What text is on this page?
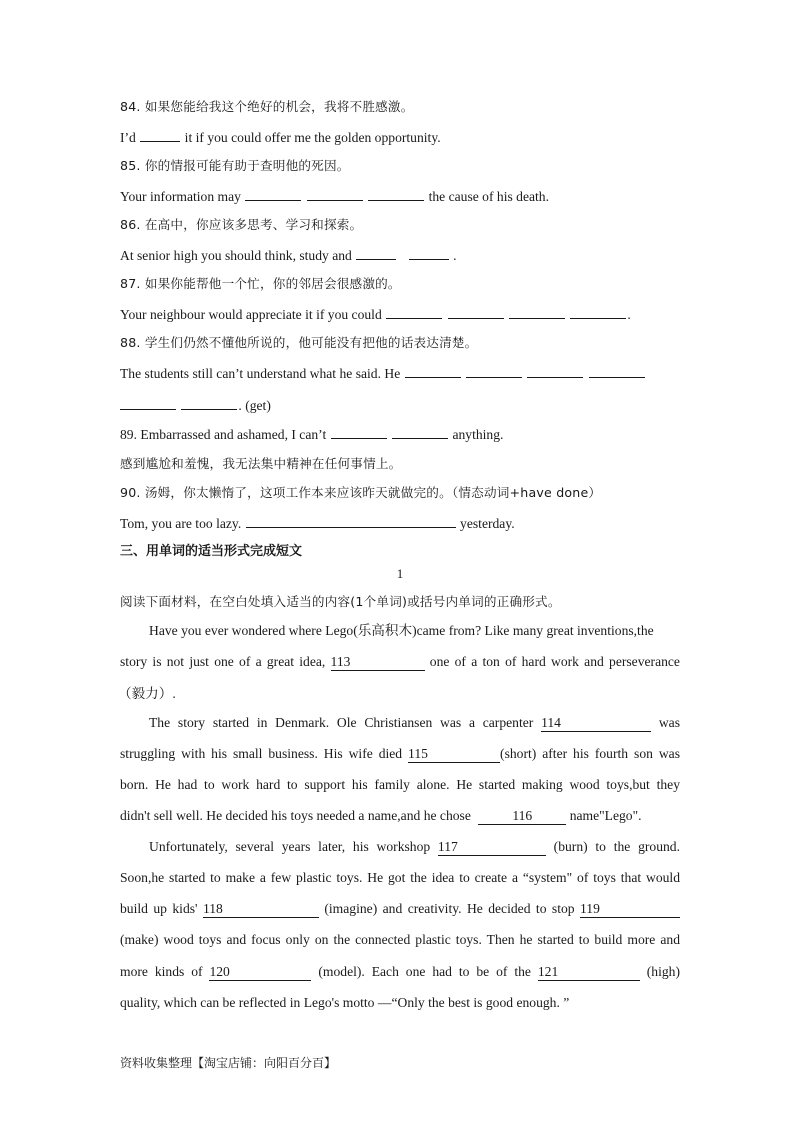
84. 如果您能给我这个绝好的机会，我将不胜感激。
I’d	it if you could offer me the golden opportunity.
85. 你的情报可能有助于查明他的死因。
Your information may	the cause of his death.
86. 在高中，你应该多思考、学习和探索。
At senior high you should think, study and	.
87. 如果你能帮他一个忙，你的邻居会很感激的。
Your neighbour would appreciate it if you could	.
88. 学生们仍然不懂他所说的，他可能没有把他的话表达清楚。
The students still can’t understand what he said. He
. (get)
89. Embarrassed and ashamed, I can’t	anything.
感到尴尬和羞愧，我无法集中精神在任何事情上。
90. 汤姆，你太懒惰了，这项工作本来应该昨天就做完的。（情态动词+have done）
Tom, you are too lazy.	yesterday.
三、用单词的适当形式完成短文
1
阅读下面材料，在空白处填入适当的内容(1个单词)或括号内单词的正确形式。
Have you ever wondered where Lego(乐高积木)came from? Like many great inventions,the
story is not just one of a great idea, 113	one of a ton of hard work and perseverance
（毅力）.
The story started in Denmark. Ole Christiansen was a carpenter 114	was
struggling with his small business. His wife died 115	(short) after his fourth son was
born. He had to work hard to support his family alone. He started making wood toys,but they
didn't sell well. He decided his toys needed a name,and he chose	116	name"Lego".
Unfortunately, several years later, his workshop 117	(burn) to the ground.
Soon,he started to make a few plastic toys. He got the idea to create a “system" of toys that would
build up kids' 118	(imagine) and creativity. He decided to stop 119
(make) wood toys and focus only on the connected plastic toys. Then he started to build more and
more kinds of 120	(model). Each one had to be of the 121	(high)
quality, which can be reflected in Lego's motto —“Only the best is good enough. ”
资料收集整理【淘宝店铺：向阳百分百】
